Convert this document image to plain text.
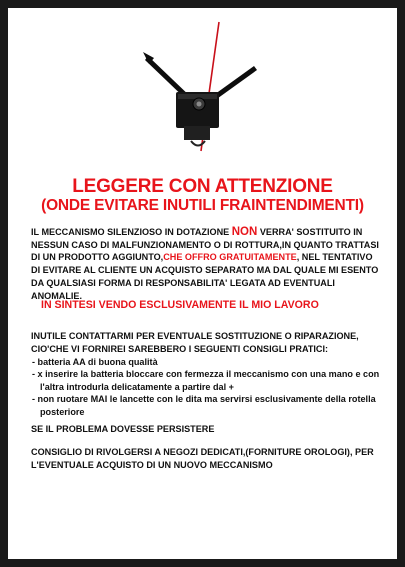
LEGGERE CON ATTENZIONE
(ONDE EVITARE INUTILI FRAINTENDIMENTI)
IL MECCANISMO SILENZIOSO IN DOTAZIONE NON VERRA' SOSTITUITO IN NESSUN CASO DI MALFUNZIONAMENTO O DI ROTTURA,IN QUANTO TRATTASI DI UN PRODOTTO AGGIUNTO,CHE OFFRO GRATUITAMENTE, NEL TENTATIVO DI EVITARE AL CLIENTE UN ACQUISTO SEPARATO MA DAL QUALE MI ESENTO DA QUALSIASI FORMA DI RESPONSABILITA' LEGATA AD EVENTUALI ANOMALIE.
IN SINTESI VENDO ESCLUSIVAMENTE IL MIO LAVORO
INUTILE CONTATTARMI PER EVENTUALE SOSTITUZIONE O RIPARAZIONE, CIO'CHE VI FORNIREI SAREBBERO I SEGUENTI CONSIGLI PRATICI:
- batteria AA di buona qualità
- x inserire la batteria bloccare con fermezza il meccanismo con una mano e con l'altra introdurla delicatamente a partire dal +
- non ruotare MAI le lancette con le dita ma servirsi esclusivamente della rotella posteriore
SE IL PROBLEMA DOVESSE PERSISTERE
CONSIGLIO DI RIVOLGERSI A NEGOZI DEDICATI,(FORNITURE OROLOGI), PER L'EVENTUALE ACQUISTO DI UN NUOVO MECCANISMO
